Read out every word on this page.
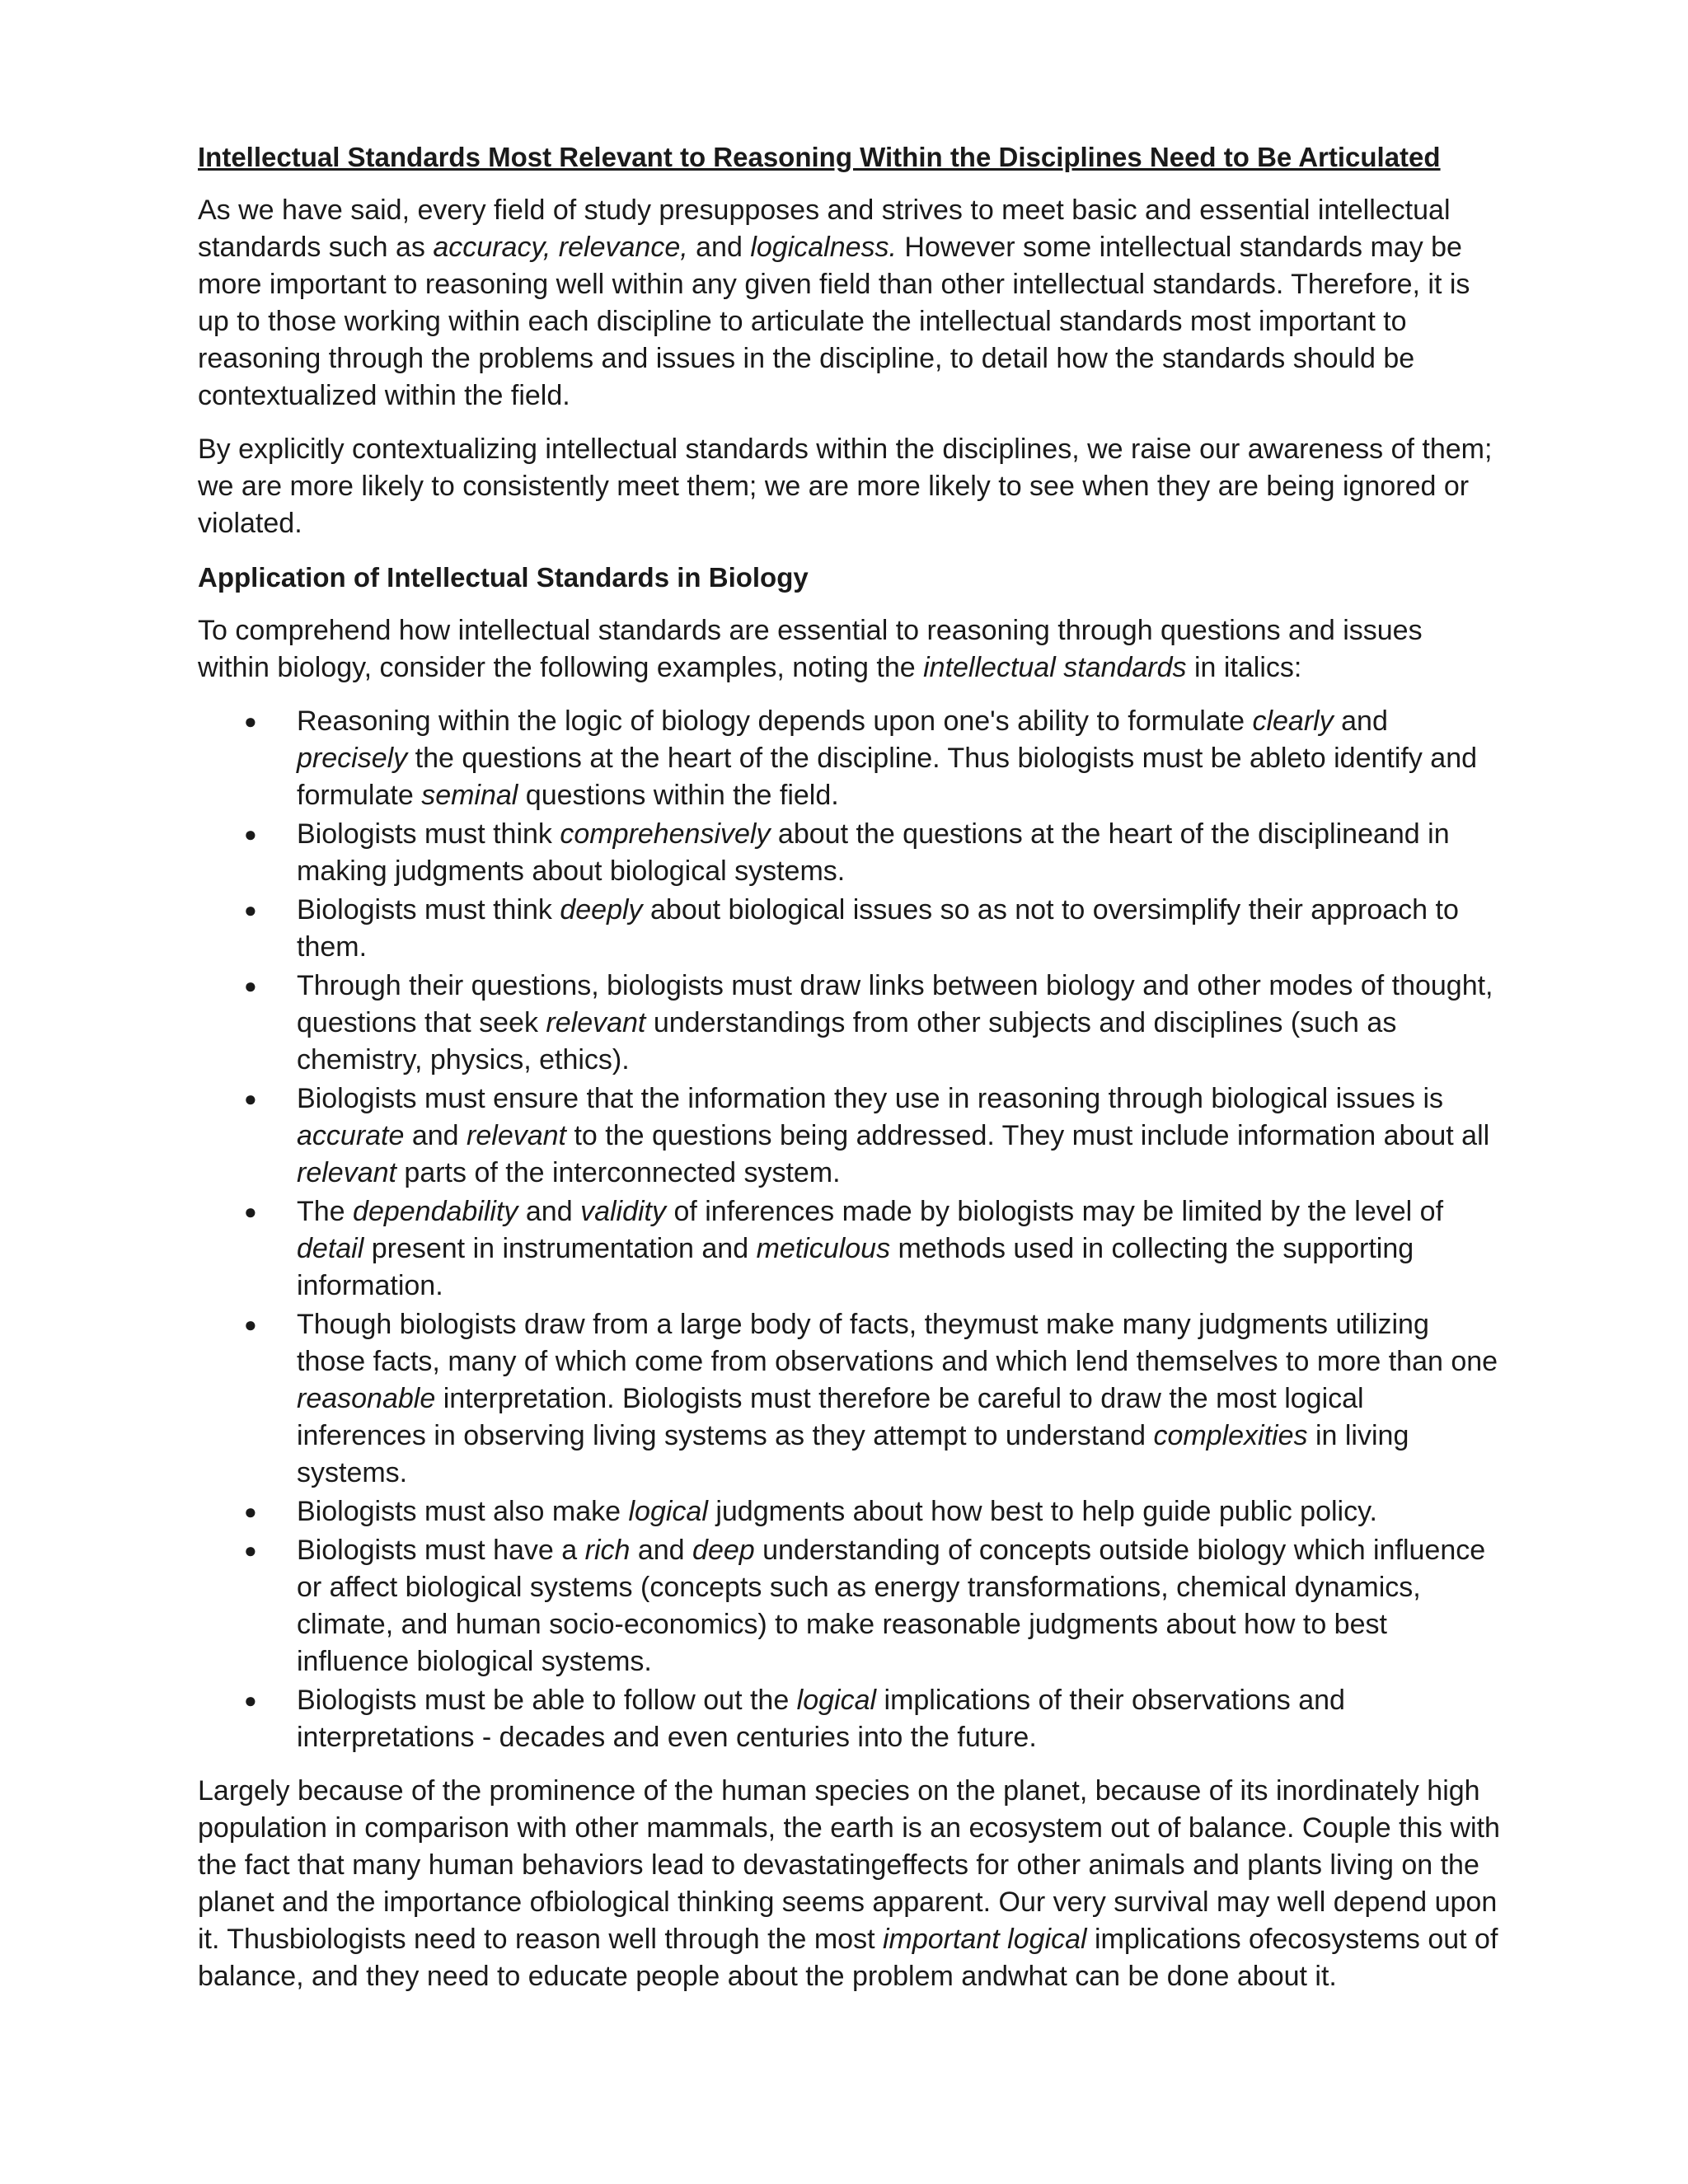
Intellectual Standards Most Relevant to Reasoning Within the Disciplines Need to Be Articulated

As we have said, every field of study presupposes and strives to meet basic and essential intellectual standards such as accuracy, relevance, and logicalness. However some intellectual standards may be more important to reasoning well within any given field than other intellectual standards. Therefore, it is up to those working within each discipline to articulate the intellectual standards most important to reasoning through the problems and issues in the discipline, to detail how the standards should be contextualized within the field.

By explicitly contextualizing intellectual standards within the disciplines, we raise our awareness of them; we are more likely to consistently meet them; we are more likely to see when they are being ignored or violated.

Application of Intellectual Standards in Biology

To comprehend how intellectual standards are essential to reasoning through questions and issues within biology, consider the following examples, noting the intellectual standards in italics:

● Reasoning within the logic of biology depends upon one's ability to formulate clearly and precisely the questions at the heart of the discipline. Thus biologists must be ableto identify and formulate seminal questions within the field.
● Biologists must think comprehensively about the questions at the heart of the disciplineand in making judgments about biological systems.
● Biologists must think deeply about biological issues so as not to oversimplify their approach to them.
● Through their questions, biologists must draw links between biology and other modes of thought, questions that seek relevant understandings from other subjects and disciplines (such as chemistry, physics, ethics).
● Biologists must ensure that the information they use in reasoning through biological issues is accurate and relevant to the questions being addressed. They must include information about all relevant parts of the interconnected system.
● The dependability and validity of inferences made by biologists may be limited by the level of detail present in instrumentation and meticulous methods used in collecting the supporting information.
● Though biologists draw from a large body of facts, theymust make many judgments utilizing those facts, many of which come from observations and which lend themselves to more than one reasonable interpretation. Biologists must therefore be careful to draw the most logical inferences in observing living systems as they attempt to understand complexities in living systems.
● Biologists must also make logical judgments about how best to help guide public policy.
● Biologists must have a rich and deep understanding of concepts outside biology which influence or affect biological systems (concepts such as energy transformations, chemical dynamics, climate, and human socio-economics) to make reasonable judgments about how to best influence biological systems.
● Biologists must be able to follow out the logical implications of their observations and interpretations - decades and even centuries into the future.

Largely because of the prominence of the human species on the planet, because of its inordinately high population in comparison with other mammals, the earth is an ecosystem out of balance. Couple this with the fact that many human behaviors lead to devastatingeffects for other animals and plants living on the planet and the importance ofbiological thinking seems apparent. Our very survival may well depend upon it. Thusbiologists need to reason well through the most important logical implications ofecosystems out of balance, and they need to educate people about the problem andwhat can be done about it.
